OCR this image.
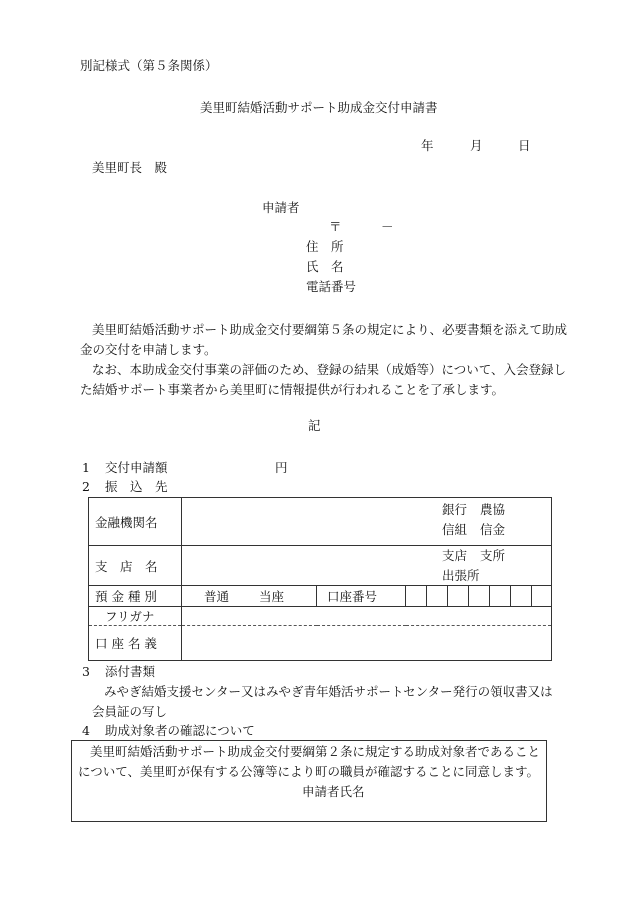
別記様式（第５条関係）
美里町結婚活動サポート助成金交付申請書
年	月	日
美里町長　殿
申請者
〒	－
住　所
氏　名
電話番号
美里町結婚活動サポート助成金交付要綱第５条の規定により、必要書類を添えて助成
金の交付を申請します。
なお、本助成金交付事業の評価のため、登録の結果（成婚等）について、入会登録し
た結婚サポート事業者から美里町に情報提供が行われることを了承します。
記
1 交付申請額	円
2 振　込　先
金融機関名	銀行 農協
信組 信金		

支　店　名	支店 支所
出張所		

預 金 種 別	普通 当座	口座番号	

フリガナ			
口 座 名 義			
3 添付書類
みやぎ結婚支援センター又はみやぎ青年婚活サポートセンター発行の領収書又は
会員証の写し
4 助成対象者の確認について
美里町結婚活動サポート助成金交付要綱第２条に規定する助成対象者であること
について、美里町が保有する公簿等により町の職員が確認することに同意します。
申請者氏名
